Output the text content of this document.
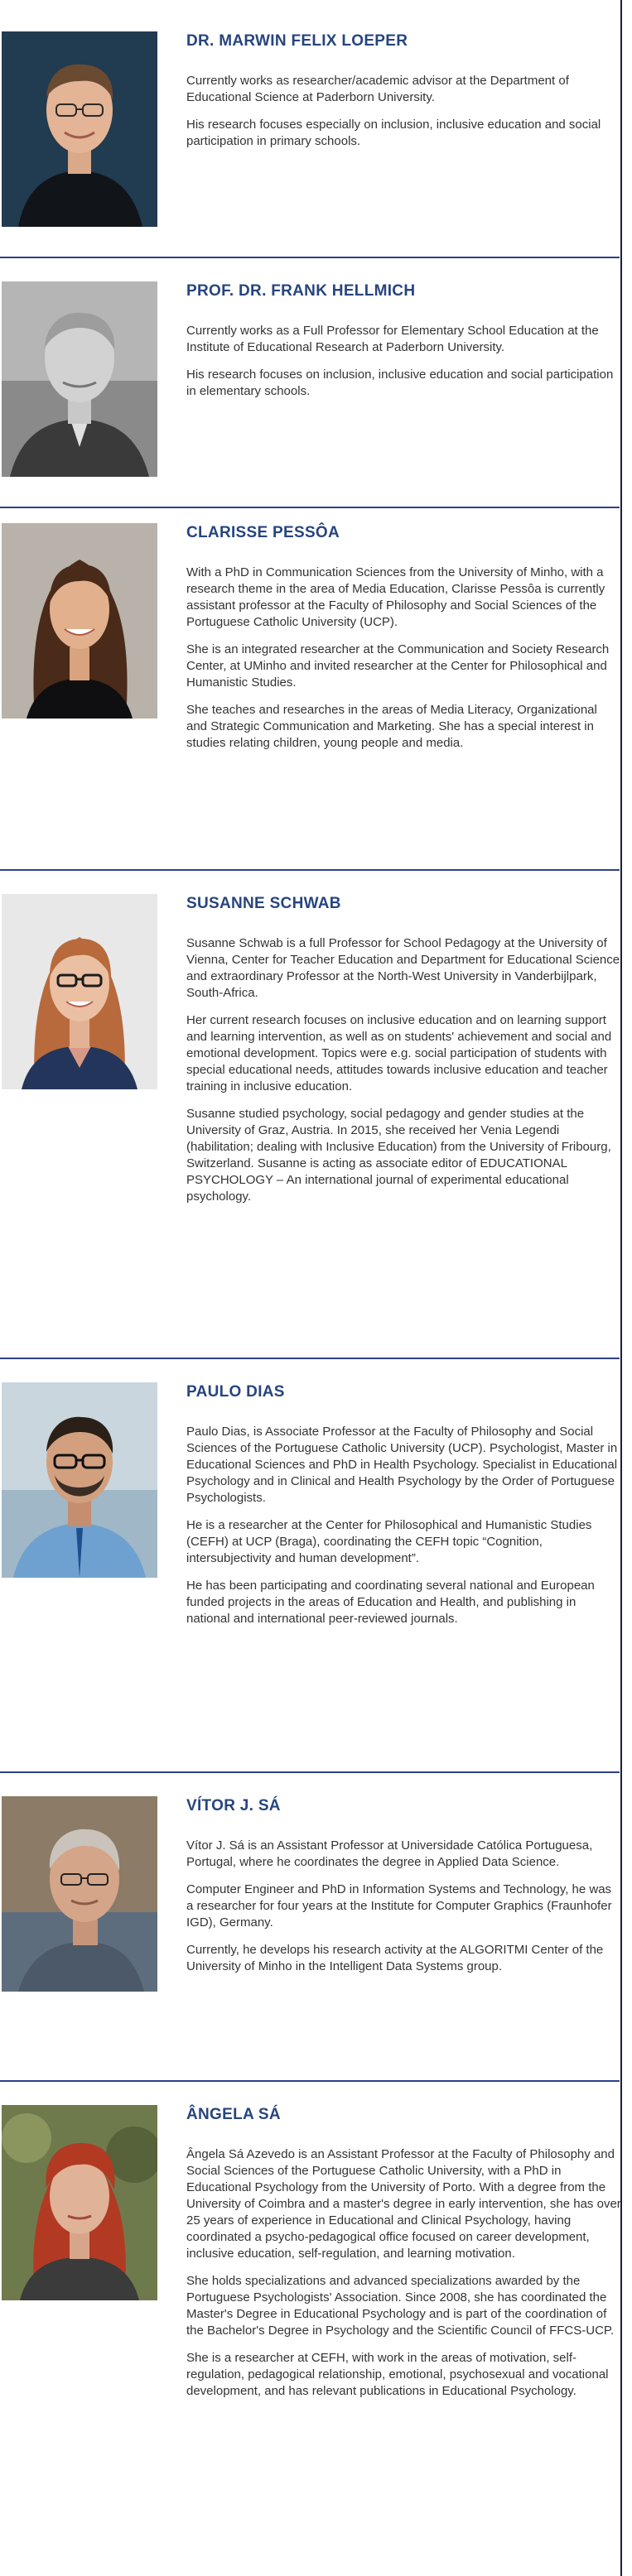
DR. MARWIN FELIX LOEPER

Currently works as researcher/academic advisor at the Department of Educational Science at Paderborn University.

His research focuses especially on inclusion, inclusive education and social participation in primary schools.

PROF. DR. FRANK HELLMICH

Currently works as a Full Professor for Elementary School Education at the Institute of Educational Research at Paderborn University.

His research focuses on inclusion, inclusive education and social participation in elementary schools.

CLARISSE PESSÔA

With a PhD in Communication Sciences from the University of Minho, with a research theme in the area of Media Education, Clarisse Pessôa is currently assistant professor at the Faculty of Philosophy and Social Sciences of the Portuguese Catholic University (UCP).

She is an integrated researcher at the Communication and Society Research Center, at UMinho and invited researcher at the Center for Philosophical and Humanistic Studies.

She teaches and researches in the areas of Media Literacy, Organizational and Strategic Communication and Marketing. She has a special interest in studies relating children, young people and media.

SUSANNE SCHWAB

Susanne Schwab is a full Professor for School Pedagogy at the University of Vienna, Center for Teacher Education and Department for Educational Science and extraordinary Professor at the North-West University in Vanderbijlpark, South-Africa.

Her current research focuses on inclusive education and on learning support and learning intervention, as well as on students' achievement and social and emotional development. Topics were e.g. social participation of students with special educational needs, attitudes towards inclusive education and teacher training in inclusive education.

Susanne studied psychology, social pedagogy and gender studies at the University of Graz, Austria. In 2015, she received her Venia Legendi (habilitation; dealing with Inclusive Education) from the University of Fribourg, Switzerland. Susanne is acting as associate editor of EDUCATIONAL PSYCHOLOGY – An international journal of experimental educational psychology.

PAULO DIAS

Paulo Dias, is Associate Professor at the Faculty of Philosophy and Social Sciences of the Portuguese Catholic University (UCP). Psychologist, Master in Educational Sciences and PhD in Health Psychology. Specialist in Educational Psychology and in Clinical and Health Psychology by the Order of Portuguese Psychologists.

He is a researcher at the Center for Philosophical and Humanistic Studies (CEFH) at UCP (Braga), coordinating the CEFH topic “Cognition, intersubjectivity and human development”.

He has been participating and coordinating several national and European funded projects in the areas of Education and Health, and publishing in national and international peer-reviewed journals.

VÍTOR J. SÁ

Vítor J. Sá is an Assistant Professor at Universidade Católica Portuguesa, Portugal, where he coordinates the degree in Applied Data Science.

Computer Engineer and PhD in Information Systems and Technology, he was a researcher for four years at the Institute for Computer Graphics (Fraunhofer IGD), Germany.

Currently, he develops his research activity at the ALGORITMI Center of the University of Minho in the Intelligent Data Systems group.

ÂNGELA SÁ

Ângela Sá Azevedo is an Assistant Professor at the Faculty of Philosophy and Social Sciences of the Portuguese Catholic University, with a PhD in Educational Psychology from the University of Porto. With a degree from the University of Coimbra and a master's degree in early intervention, she has over 25 years of experience in Educational and Clinical Psychology, having coordinated a psycho-pedagogical office focused on career development, inclusive education, self-regulation, and learning motivation.

She holds specializations and advanced specializations awarded by the Portuguese Psychologists' Association. Since 2008, she has coordinated the Master's Degree in Educational Psychology and is part of the coordination of the Bachelor's Degree in Psychology and the Scientific Council of FFCS-UCP.

She is a researcher at CEFH, with work in the areas of motivation, self-regulation, pedagogical relationship, emotional, psychosexual and vocational development, and has relevant publications in Educational Psychology.
